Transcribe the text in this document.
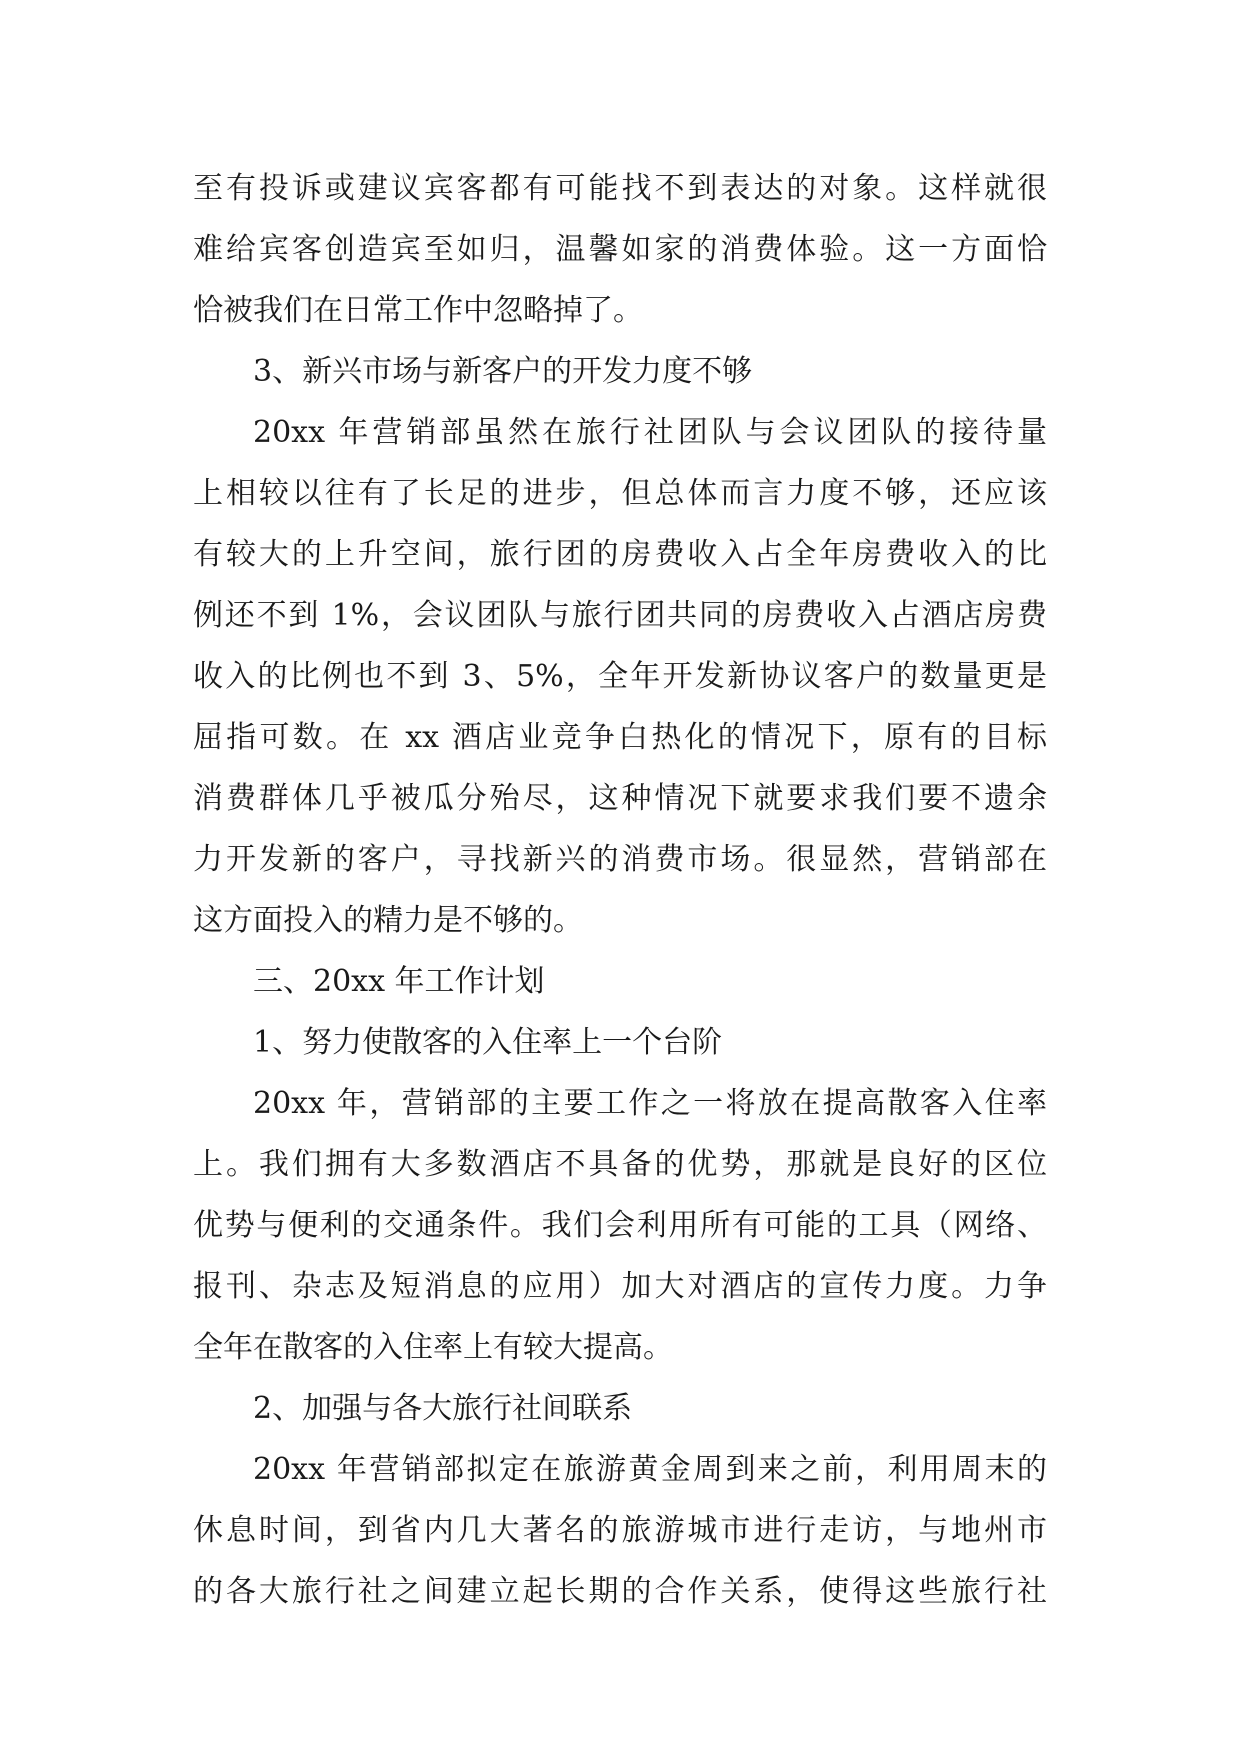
至有投诉或建议宾客都有可能找不到表达的对象。这样就很
难给宾客创造宾至如归，温馨如家的消费体验。这一方面恰
恰被我们在日常工作中忽略掉了。
3、新兴市场与新客户的开发力度不够
20xx 年营销部虽然在旅行社团队与会议团队的接待量
上相较以往有了长足的进步，但总体而言力度不够，还应该
有较大的上升空间，旅行团的房费收入占全年房费收入的比
例还不到 1%，会议团队与旅行团共同的房费收入占酒店房费
收入的比例也不到 3、5%，全年开发新协议客户的数量更是
屈指可数。在 xx 酒店业竞争白热化的情况下，原有的目标
消费群体几乎被瓜分殆尽，这种情况下就要求我们要不遗余
力开发新的客户，寻找新兴的消费市场。很显然，营销部在
这方面投入的精力是不够的。
三、20xx 年工作计划
1、努力使散客的入住率上一个台阶
20xx 年，营销部的主要工作之一将放在提高散客入住率
上。我们拥有大多数酒店不具备的优势，那就是良好的区位
优势与便利的交通条件。我们会利用所有可能的工具（网络、
报刊、杂志及短消息的应用）加大对酒店的宣传力度。力争
全年在散客的入住率上有较大提高。
2、加强与各大旅行社间联系
20xx 年营销部拟定在旅游黄金周到来之前，利用周末的
休息时间，到省内几大著名的旅游城市进行走访，与地州市
的各大旅行社之间建立起长期的合作关系，使得这些旅行社
